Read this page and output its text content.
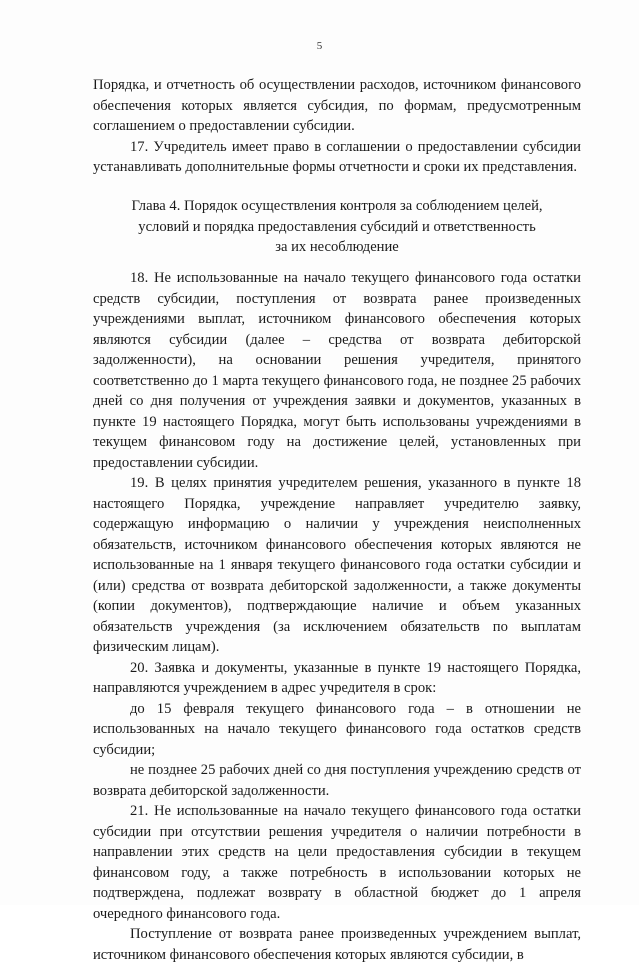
5

Порядка, и отчетность об осуществлении расходов, источником финансового обеспечения которых является субсидия, по формам, предусмотренным соглашением о предоставлении субсидии.

17. Учредитель имеет право в соглашении о предоставлении субсидии устанавливать дополнительные формы отчетности и сроки их представления.

Глава 4. Порядок осуществления контроля за соблюдением целей,

условий и порядка предоставления субсидий и ответственность

за их несоблюдение

18. Не использованные на начало текущего финансового года остатки средств субсидии, поступления от возврата ранее произведенных учреждениями выплат, источником финансового обеспечения которых являются субсидии (далее – средства от возврата дебиторской задолженности), на основании решения учредителя, принятого соответственно до 1 марта текущего финансового года, не позднее 25 рабочих дней со дня получения от учреждения заявки и документов, указанных в пункте 19 настоящего Порядка, могут быть использованы учреждениями в текущем финансовом году на достижение целей, установленных при предоставлении субсидии.

19. В целях принятия учредителем решения, указанного в пункте 18 настоящего Порядка, учреждение направляет учредителю заявку, содержащую информацию о наличии у учреждения неисполненных обязательств, источником финансового обеспечения которых являются не использованные на 1 января текущего финансового года остатки субсидии и (или) средства от возврата дебиторской задолженности, а также документы (копии документов), подтверждающие наличие и объем указанных обязательств учреждения (за исключением обязательств по выплатам физическим лицам).

20. Заявка и документы, указанные в пункте 19 настоящего Порядка, направляются учреждением в адрес учредителя в срок:

до 15 февраля текущего финансового года – в отношении не использованных на начало текущего финансового года остатков средств субсидии;

не позднее 25 рабочих дней со дня поступления учреждению средств от возврата дебиторской задолженности.

21. Не использованные на начало текущего финансового года остатки субсидии при отсутствии решения учредителя о наличии потребности в направлении этих средств на цели предоставления субсидии в текущем финансовом году, а также потребность в использовании которых не подтверждена, подлежат возврату в областной бюджет до 1 апреля очередного финансового года.

Поступление от возврата ранее произведенных учреждением выплат, источником финансового обеспечения которых являются субсидии, в
